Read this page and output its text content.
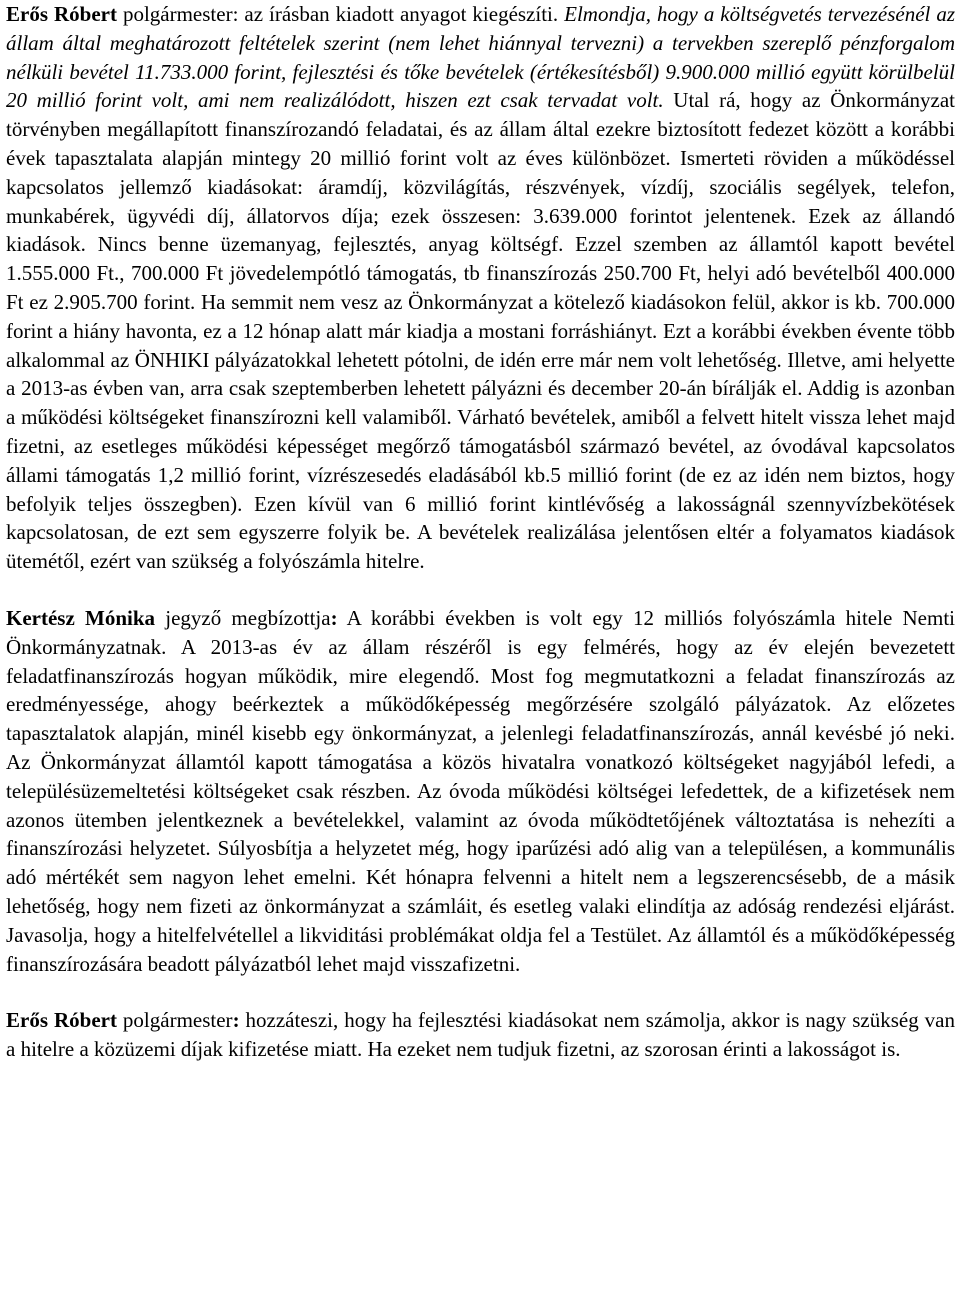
Erős Róbert polgármester: az írásban kiadott anyagot kiegészíti. Elmondja, hogy a költségvetés tervezésénél az állam által meghatározott feltételek szerint (nem lehet hiánnyal tervezni) a tervekben szereplő pénzforgalom nélküli bevétel 11.733.000 forint, fejlesztési és tőke bevételek (értékesítésből) 9.900.000 millió együtt körülbelül 20 millió forint volt, ami nem realizálódott, hiszen ezt csak tervadat volt. Utal rá, hogy az Önkormányzat törvényben megállapított finanszírozandó feladatai, és az állam által ezekre biztosított fedezet között a korábbi évek tapasztalata alapján mintegy 20 millió forint volt az éves különbözet. Ismerteti röviden a működéssel kapcsolatos jellemző kiadásokat: áramdíj, közvilágítás, részvények, vízdíj, szociális segélyek, telefon, munkabérek, ügyvédi díj, állatorvos díja; ezek összesen: 3.639.000 forintot jelentenek. Ezek az állandó kiadások. Nincs benne üzemanyag, fejlesztés, anyag költségf. Ezzel szemben az államtól kapott bevétel 1.555.000 Ft., 700.000 Ft jövedelempótló támogatás, tb finanszírozás 250.700 Ft, helyi adó bevételből 400.000 Ft ez 2.905.700 forint. Ha semmit nem vesz az Önkormányzat a kötelező kiadásokon felül, akkor is kb. 700.000 forint a hiány havonta, ez a 12 hónap alatt már kiadja a mostani forráshiányt. Ezt a korábbi években évente több alkalommal az ÖNHIKI pályázatokkal lehetett pótolni, de idén erre már nem volt lehetőség. Illetve, ami helyette a 2013-as évben van, arra csak szeptemberben lehetett pályázni és december 20-án bírálják el. Addig is azonban a működési költségeket finanszírozni kell valamiből. Várható bevételek, amiből a felvett hitelt vissza lehet majd fizetni, az esetleges működési képességet megőrző támogatásból származó bevétel, az óvodával kapcsolatos állami támogatás 1,2 millió forint, vízrészesedés eladásából kb.5 millió forint (de ez az idén nem biztos, hogy befolyik teljes összegben). Ezen kívül van 6 millió forint kintlévőség a lakosságnál szennyvízbekötések kapcsolatosan, de ezt sem egyszerre folyik be. A bevételek realizálása jelentősen eltér a folyamatos kiadások ütemétől, ezért van szükség a folyószámla hitelre.

Kertész Mónika jegyző megbízottja: A korábbi években is volt egy 12 milliós folyószámla hitele Nemti Önkormányzatnak. A 2013-as év az állam részéről is egy felmérés, hogy az év elején bevezetett feladatfinanszírozás hogyan működik, mire elegendő. Most fog megmutatkozni a feladat finanszírozás az eredményessége, ahogy beérkeztek a működőképesség megőrzésére szolgáló pályázatok. Az előzetes tapasztalatok alapján, minél kisebb egy önkormányzat, a jelenlegi feladatfinanszírozás, annál kevésbé jó neki. Az Önkormányzat államtól kapott támogatása a közös hivatalra vonatkozó költségeket nagyjából lefedi, a településüzemeltetési költségeket csak részben. Az óvoda működési költségei lefedettek, de a kifizetések nem azonos ütemben jelentkeznek a bevételekkel, valamint az óvoda működtetőjének változtatása is nehezíti a finanszírozási helyzetet. Súlyosbítja a helyzetet még, hogy iparűzési adó alig van a településen, a kommunális adó mértékét sem nagyon lehet emelni. Két hónapra felvenni a hitelt nem a legszerencsésebb, de a másik lehetőség, hogy nem fizeti az önkormányzat a számláit, és esetleg valaki elindítja az adóság rendezési eljárást. Javasolja, hogy a hitelfelvétellel a likviditási problémákat oldja fel a Testület. Az államtól és a működőképesség finanszírozására beadott pályázatból lehet majd visszafizetni.

Erős Róbert polgármester: hozzáteszi, hogy ha fejlesztési kiadásokat nem számolja, akkor is nagy szükség van a hitelre a közüzemi díjak kifizetése miatt. Ha ezeket nem tudjuk fizetni, az szorosan érinti a lakosságot is.
